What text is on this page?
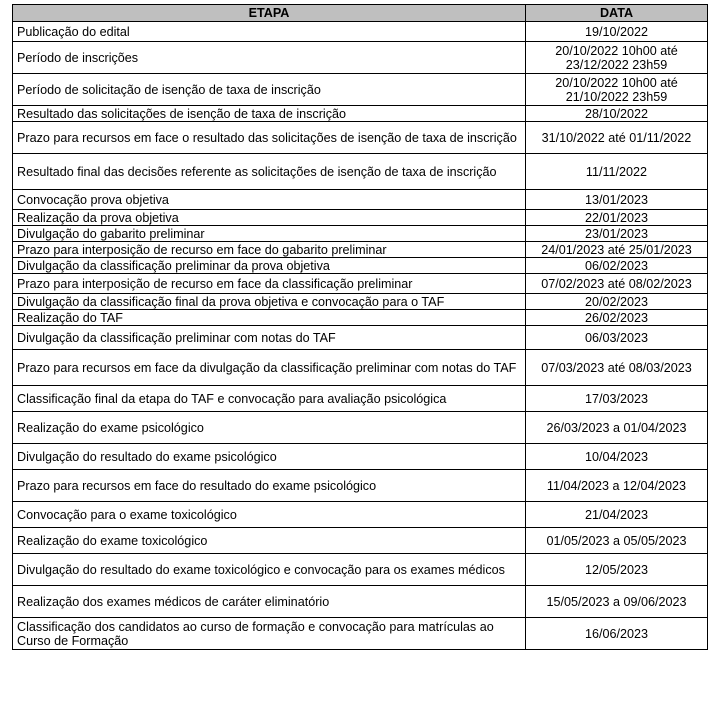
ETAPA	DATA
Publicação do edital	19/10/2022
Período de inscrições	20/10/2022 10h00 até 23/12/2022 23h59
Período de solicitação de isenção de taxa de inscrição	20/10/2022 10h00 até 21/10/2022 23h59
Resultado das solicitações de isenção de taxa de inscrição	28/10/2022
Prazo para recursos em face o resultado das solicitações de isenção de taxa de inscrição	31/10/2022 até 01/11/2022
Resultado final das decisões referente as solicitações de isenção de taxa de inscrição	11/11/2022
Convocação prova objetiva	13/01/2023
Realização da prova objetiva	22/01/2023
Divulgação do gabarito preliminar	23/01/2023
Prazo para interposição de recurso em face do gabarito preliminar	24/01/2023 até 25/01/2023
Divulgação da classificação preliminar da prova objetiva	06/02/2023
Prazo para interposição de recurso em face da classificação preliminar	07/02/2023 até 08/02/2023
Divulgação da classificação final da prova objetiva e convocação para o TAF	20/02/2023
Realização do TAF	26/02/2023
Divulgação da classificação preliminar com notas do TAF	06/03/2023
Prazo para recursos em face da divulgação da classificação preliminar com notas do TAF	07/03/2023 até 08/03/2023
Classificação final da etapa do TAF e convocação para avaliação psicológica	17/03/2023
Realização do exame psicológico	26/03/2023 a 01/04/2023
Divulgação do resultado do exame psicológico	10/04/2023
Prazo para recursos em face do resultado do exame psicológico	11/04/2023 a 12/04/2023
Convocação para o exame toxicológico	21/04/2023
Realização do exame toxicológico	01/05/2023 a 05/05/2023
Divulgação do resultado do exame toxicológico e convocação para os exames médicos	12/05/2023
Realização dos exames médicos de caráter eliminatório	15/05/2023 a 09/06/2023
Classificação dos candidatos ao curso de formação e convocação para matrículas ao Curso de Formação	16/06/2023
